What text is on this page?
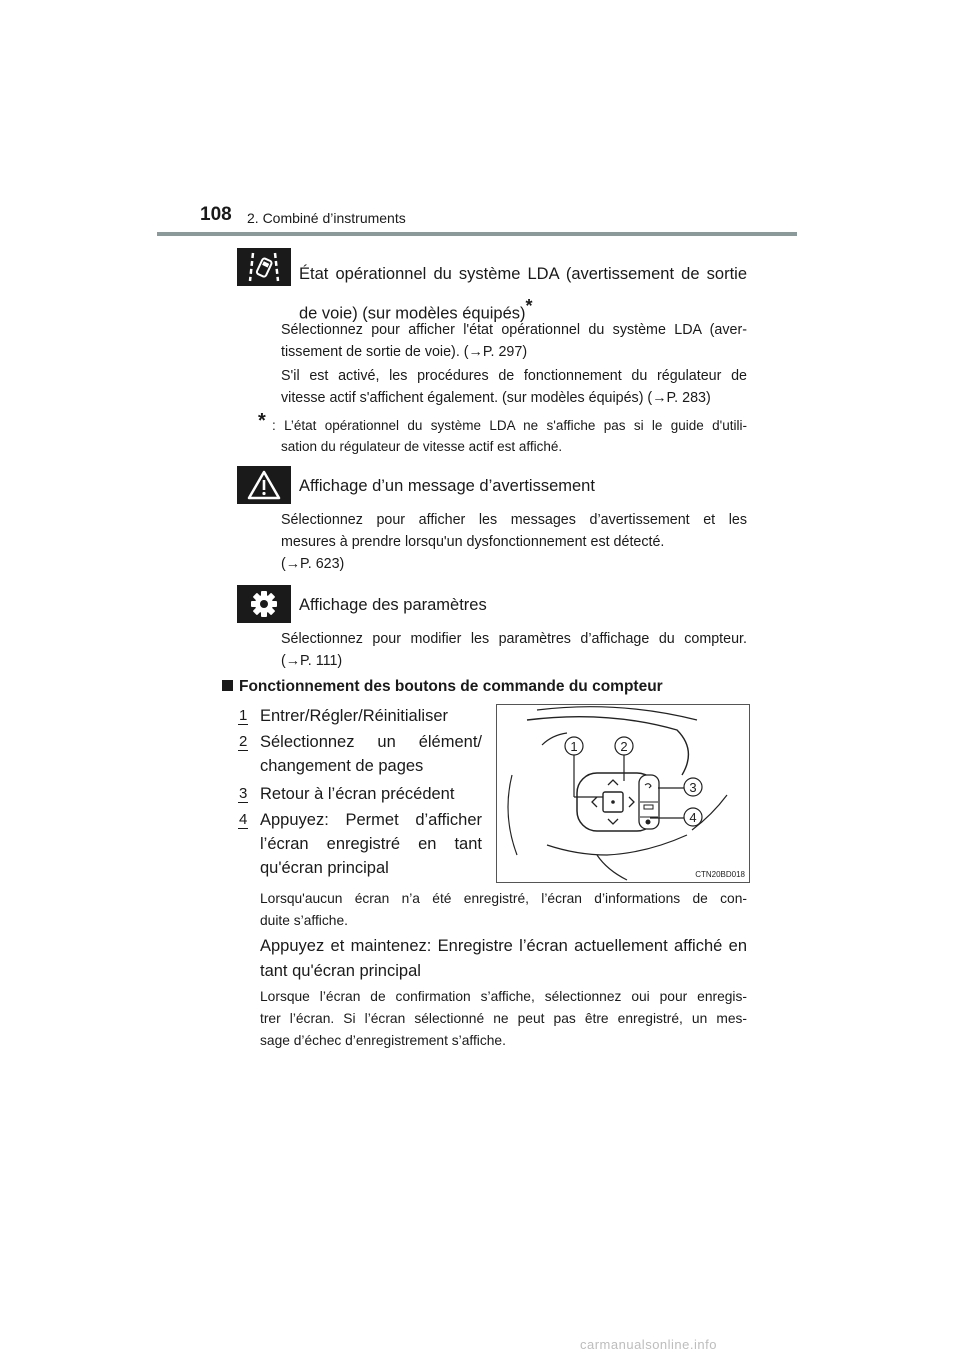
108 2. Combiné d’instruments
État opérationnel du système LDA (avertissement de sortie
de voie) (sur modèles équipés)*
Sélectionnez pour afficher l'état opérationnel du système LDA (aver-
tissement de sortie de voie). (→P. 297)
S'il est activé, les procédures de fonctionnement du régulateur de
vitesse actif s'affichent également. (sur modèles équipés) (→P. 283)
* : L’état opérationnel du système LDA ne s'affiche pas si le guide d'utili-
sation du régulateur de vitesse actif est affiché.
Affichage d’un message d’avertissement
Sélectionnez pour afficher les messages d’avertissement et les
mesures à prendre lorsqu'un dysfonctionnement est détecté.
(→P. 623)
Affichage des paramètres
Sélectionnez pour modifier les paramètres d’affichage du compteur.
(→P. 111)
Fonctionnement des boutons de commande du compteur
1 Entrer/Régler/Réinitialiser
2 Sélectionnez un élément/
changement de pages
3 Retour à l’écran précédent
4 Appuyez: Permet d’afficher
l’écran enregistré en tant
qu'écran principal
1	2
3
4
CTN20BD018
Lorsqu'aucun écran n’a été enregistré, l’écran d’informations de con-
duite s’affiche.
Appuyez et maintenez: Enregistre l’écran actuellement affiché en
tant qu'écran principal
Lorsque l’écran de confirmation s’affiche, sélectionnez oui pour enregis-
trer l’écran. Si l’écran sélectionné ne peut pas être enregistré, un mes-
sage d’échec d’enregistrement s’affiche.
carmanualsonline.info
